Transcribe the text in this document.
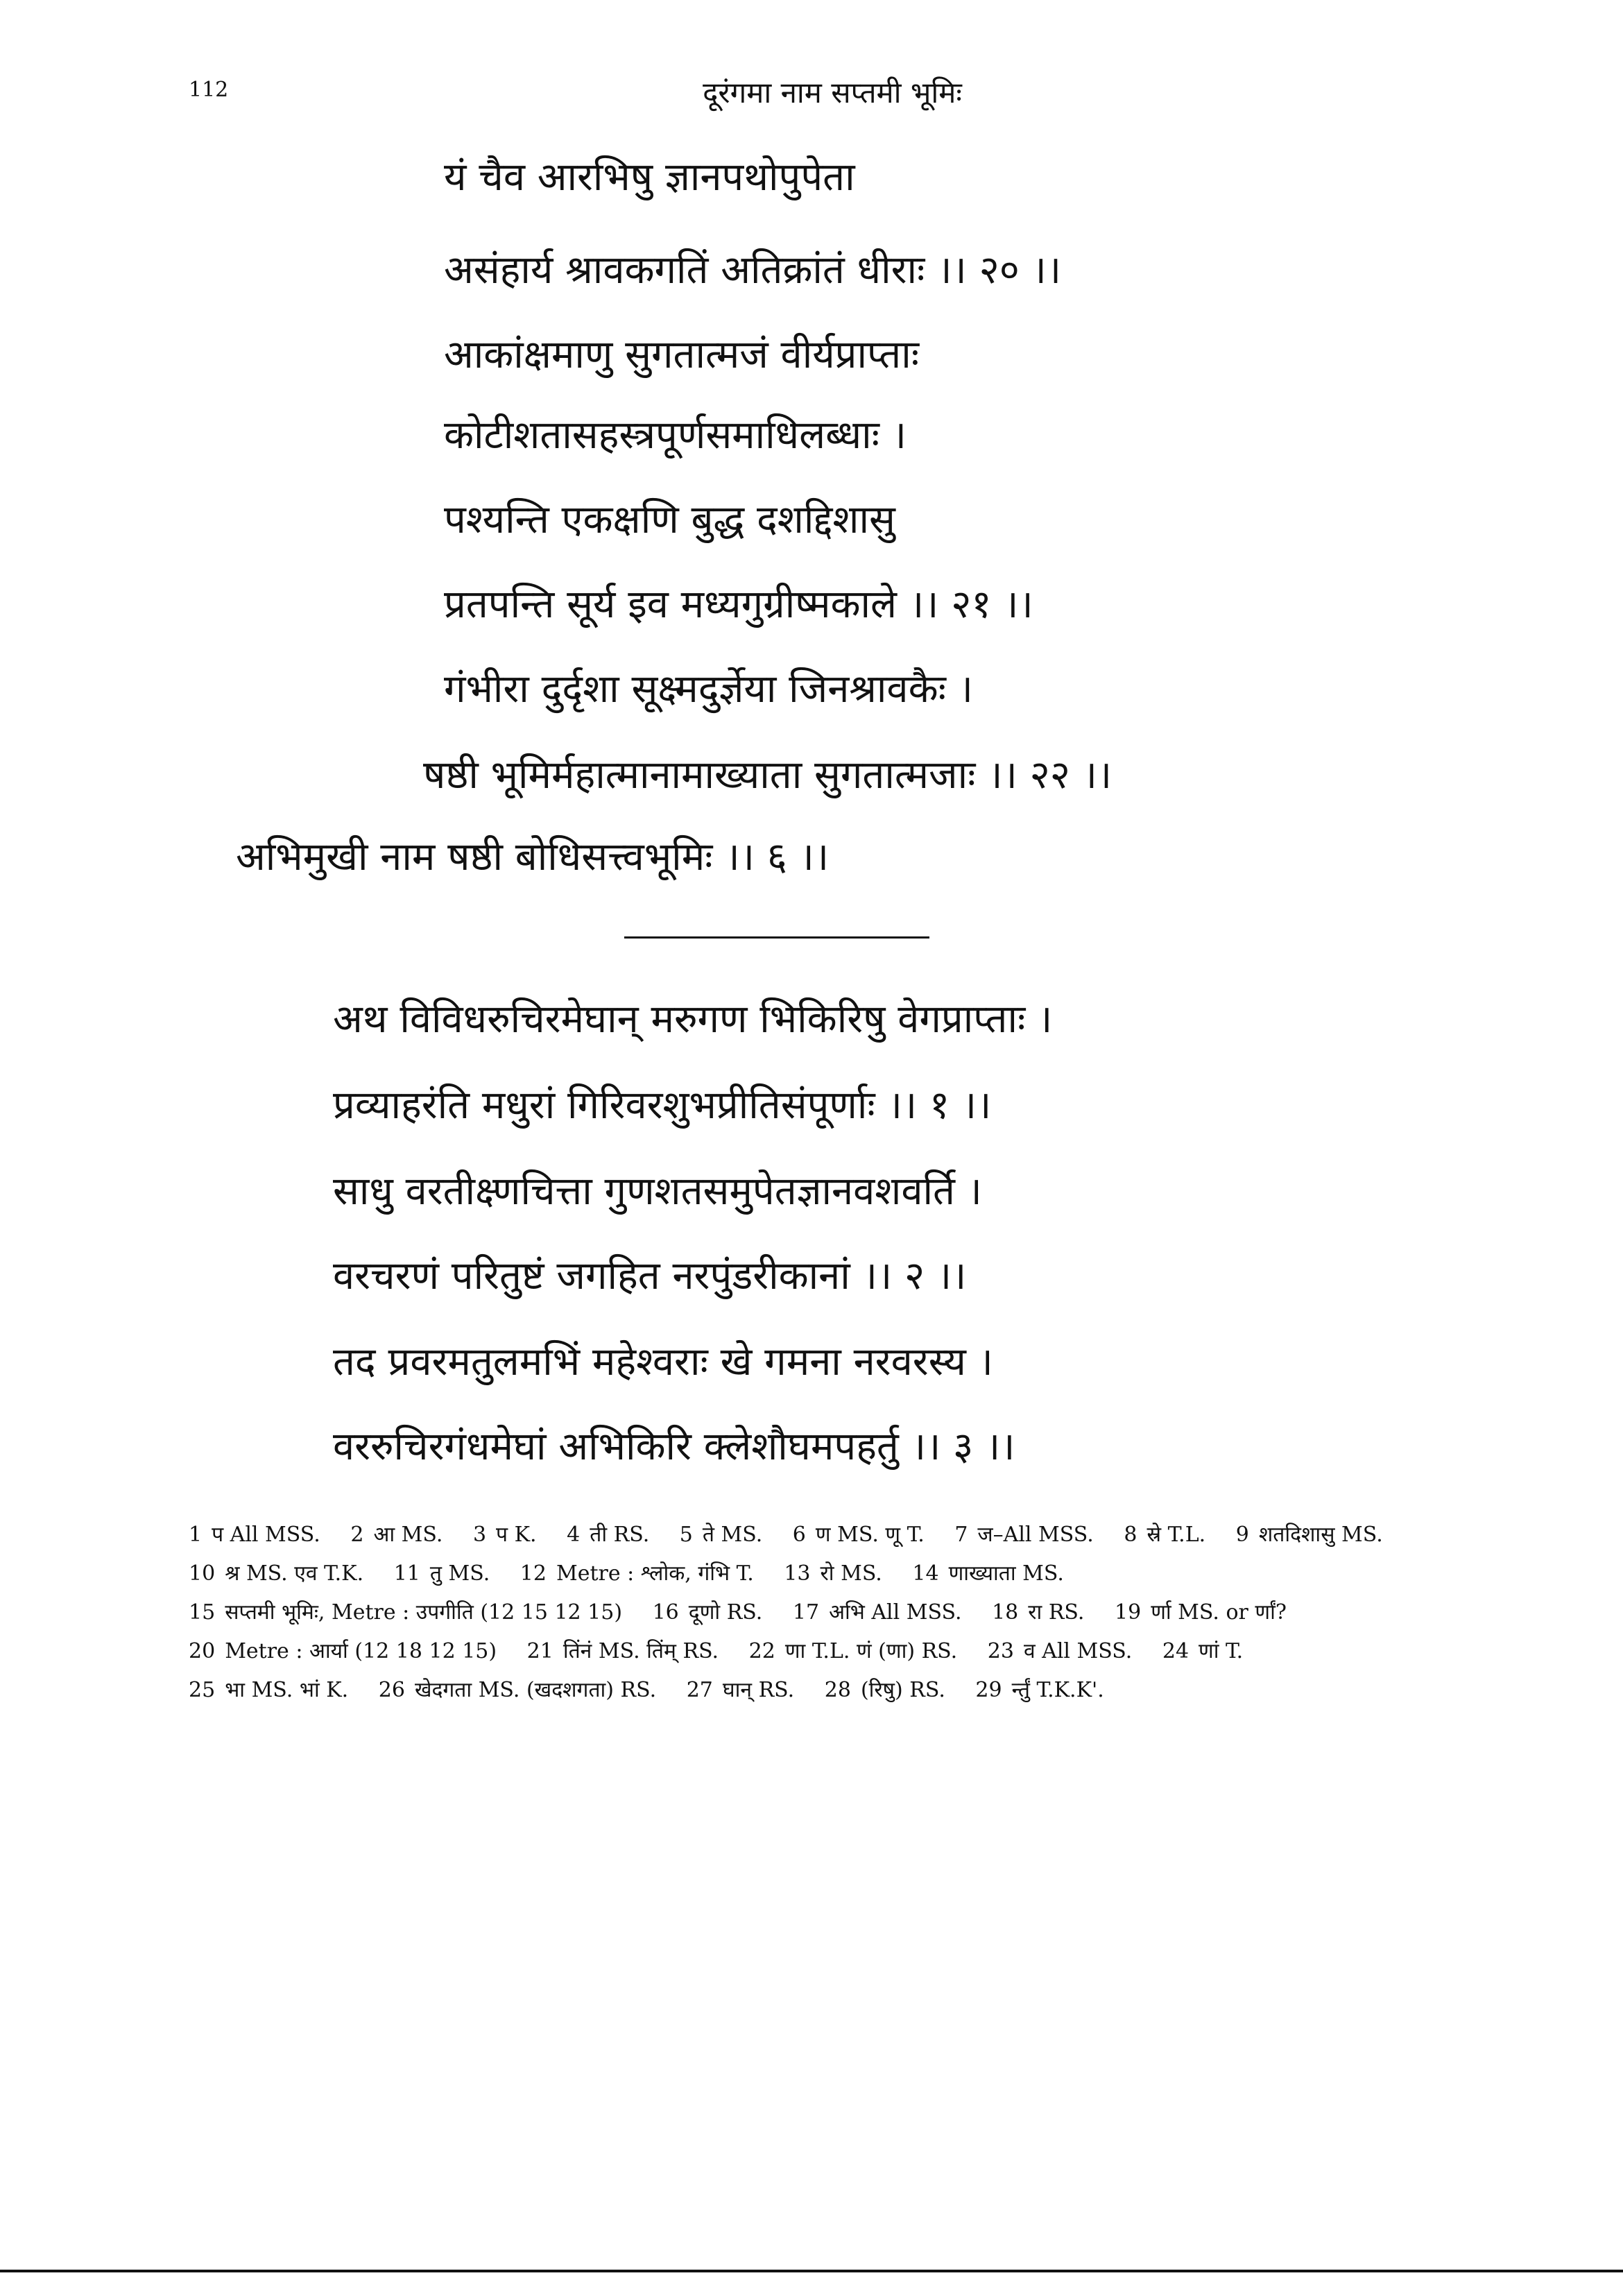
112	दूरंगमा नाम सप्तमी भूमिः
यं चैव आरभिषु ज्ञानपथोपुपेता
असंहार्य श्रावकगतिं अतिक्रांतं धीराः ।। २० ।।
आकांक्षमाणु सुगतात्मजं वीर्यप्राप्ताः
कोटीशतासहस्त्रपूर्णसमाधिलब्धाः ।
पश्यन्ति एकक्षणि बुद्ध दशद्दिशासु
प्रतपन्ति सूर्य इव मध्यगुग्रीष्मकाले ।। २१ ।।
गंभीरा दुर्दृशा सूक्ष्मदुर्ज्ञेया जिनश्रावकैः ।
षष्ठी भूमिर्महात्मानामाख्याता सुगतात्मजाः ।। २२ ।।
अभिमुखी नाम षष्ठी बोधिसत्त्वभूमिः ।। ६ ।।
अथ विविधरुचिरमेघान् मरुगण भिकिरिषु वेगप्राप्ताः ।
प्रव्याहरंति मधुरां गिरिवरशुभप्रीतिसंपूर्णाः ।। १ ।।
साधु वरतीक्ष्णचित्ता गुणशतसमुपेतज्ञानवशवर्ति ।
वरचरणं परितुष्टं जगहित नरपुंडरीकानां ।। २ ।।
तद प्रवरमतुलमभिं महेश्वराः खे गमना नरवरस्य ।
वररुचिरगंधमेघां अभिकिरि क्लेशौघमपहर्तु ।। ३ ।।
1 प All MSS. 2 आ MS. 3 प K. 4 ती RS. 5 ते MS. 6 ण MS. णू T. 7 ज–All MSS. 8 स्रे T.L. 9 शतदिशासु MS. 10 श्र MS. एव T.K. 11 तु MS. 12 Metre : श्लोक, गंभि T. 13 रो MS. 14 णाख्याता MS. 15 सप्तमी भूमिः, Metre : उपगीति (12 15 12 15) 16 दूणो RS. 17 अभि All MSS. 18 रा RS. 19 र्णा MS. or र्णां? 20 Metre : आर्या (12 18 12 15) 21 तिंनं MS. तिंम् RS. 22 णा T.L. णं (णा) RS. 23 व All MSS. 24 णां T. 25 भा MS. भां K. 26 खेदगता MS. (खदशगता) RS. 27 घान् RS. 28 (रिषु) RS. 29 र्न्तुं T.K.K'.
